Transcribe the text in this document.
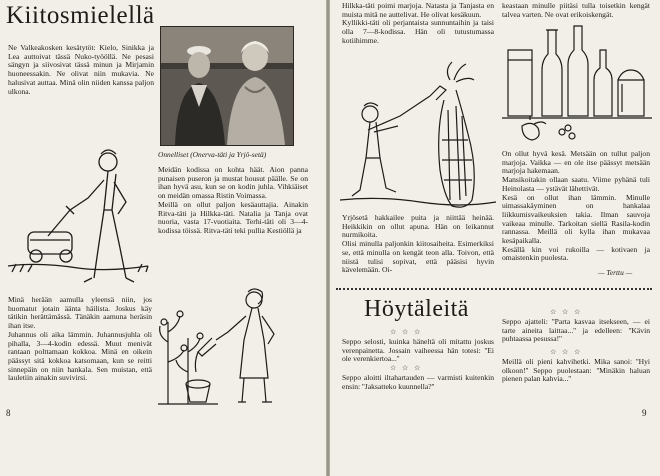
Kiitosmielellä

Ne Valkeakosken kesätytöt: Kielo, Sinikka ja Lea auttoivat tässä Nuko-työöllä. Ne pesasi sängyn ja siivosivat tässä minun ja Mirjamin huoneessakin. Ne olivat niin mukavia. Ne halusivat auttaa. Minä olin niiden kanssa paljon ulkona.

Onnelliset (Onerva-täti ja Yrjö-setä)

Meidän kodissa on kohta häät. Aion panna punaisen puseron ja mustat housut päälle. Se on ihan hyvä asu, kun se on kodin juhla. Vihkiäiset on meidän omassa Ristin Voimassa.
Meillä on ollut paljon kesäauttajia. Ainakin Ritva-täti ja Hilkka-täti. Natalia ja Tanja ovat nuoria, vasta 17-vuotiaita. Terhi-täti oli 3—4-kodissa töissä. Ritva-täti teki pullia Kestiöllä ja

Minä herään aamulla yleensä niin, jos huomatut jotain äänta häilista. Joskus käy tätikin herättämässä. Tänäkin aamuna heräsin ihan itse.
Juhannus oli aika lämmin. Juhannusjuhla oli pihalla, 3—4-kodin edessä. Muut menivät rantaan polttamaan kokkoa. Minä en oikein päässyt sitä kokkoa katsomaan, kun se reitti sinnepäin on niin hankala. Sen muistan, että lauletiin ainakin suvivirsi.

8

Hilkka-täti poimi marjoja. Natasta ja Tanjasta en muista mitä ne auttelivat. He olivat kesäkuun.
Kyllikki-täti oli perjantaista sunnuntaihin ja taisi olla 7—8-kodissa. Hän oli tutustumassa kotiihimme.

keastaan minulle piitäsi tulla toisetkin kengät talvea varten. Ne ovat erikoiskengät.

Yrjösetä hakkailee puita ja niittää heinää. Heikkikin on ollut apuna. Hän on leikannut nurmikoita.
Olisi minulla paljonkin kiitosaiheita. Esimerkiksi se, että minulla on kengät teon alla. Toivon, että niistä tulisi sopivat, että pääsisi hyvin kävelemään. Oi-

On ollut hyvä kesä. Metsään on tullut paljon marjoja. Vaikka — en ole itse päässyt metsään marjoja hakemaan.
Mansikoitakin ollaan saatu. Viime pyhänä tuli Heinolasta — ystävät lähettivät.
Kesä on ollut ihan lämmin. Minulle uimassakäyminen on hankalaa liikkumisvaikeuksien takia. Ilman sauvoja vaikeaa minulle. Tarkoitan siellä Rasila-kodin rannassa. Meillä oli kylla ihan mukavaa kesäpaikalla.
Kesällä kin voi rukoilla — kotivaen ja omaistenkin puolesta.

— Terttu —
Höytäleitä
☆ ☆ ☆

Seppo selosti, kuinka häneltä oli mitattu joskus verenpainetta. Jossain vaiheessa hän totesi: ''Ei ole verenkiertoa...''

☆ ☆ ☆

Seppo aloitti iltahartauden — varmisti kuitenkin ensin: ''Jaksatteko kuunnella?''

☆ ☆ ☆

Seppo ajatteli: ''Parta kasvaa itsekseen, — ei tarte aineita laittaa...'' ja edelleen: ''Kävin puhtaassa pesussa!''

☆ ☆ ☆

Meillä oli pieni kahvihetki. Mika sanoi: ''Hyi olkoon!'' Seppo puolestaan: ''Minäkin haluan pienen palan kahvia...''

9
